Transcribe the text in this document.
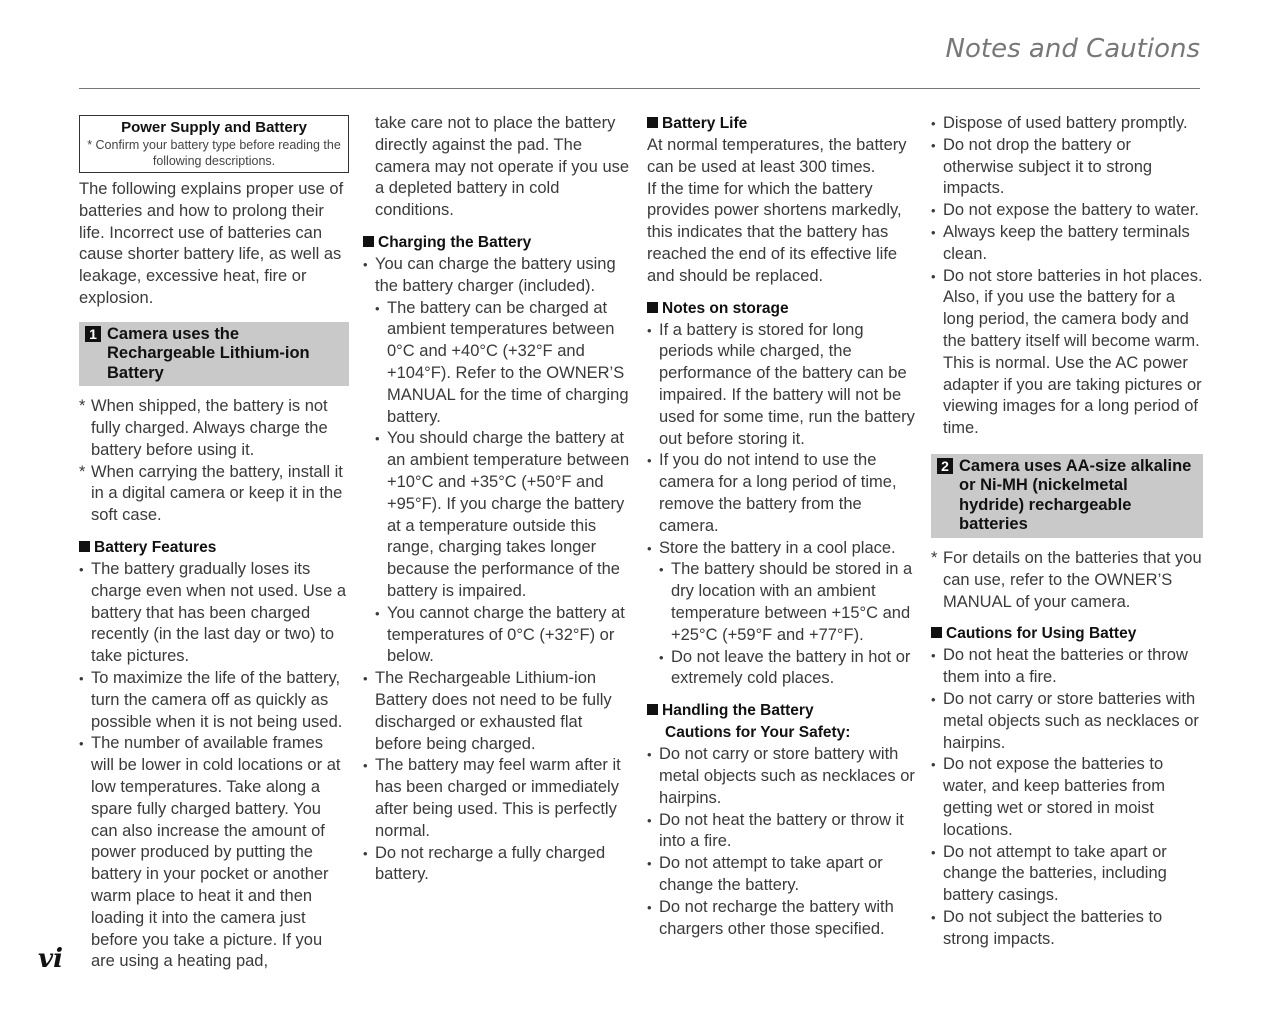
Notes and Cautions
Power Supply and Battery
* Confirm your battery type before reading the following descriptions.

The following explains proper use of batteries and how to prolong their life. Incorrect use of batteries can cause shorter battery life, as well as leakage, excessive heat, fire or explosion.

1 Camera uses the Rechargeable Lithium-ion Battery

* When shipped, the battery is not fully charged. Always charge the battery before using it.

* When carrying the battery, install it in a digital camera or keep it in the soft case.

Battery Features
• The battery gradually loses its charge even when not used. Use a battery that has been charged recently (in the last day or two) to take pictures.
• To maximize the life of the battery, turn the camera off as quickly as possible when it is not being used.
• The number of available frames will be lower in cold locations or at low temperatures. Take along a spare fully charged battery. You can also increase the amount of power produced by putting the battery in your pocket or another warm place to heat it and then loading it into the camera just before you take a picture. If you are using a heating pad,

take care not to place the battery directly against the pad. The camera may not operate if you use a depleted battery in cold conditions.

Charging the Battery
• You can charge the battery using the battery charger (included).
• The battery can be charged at ambient temperatures between 0°C and +40°C (+32°F and +104°F). Refer to the OWNER’S MANUAL for the time of charging battery.
• You should charge the battery at an ambient temperature between +10°C and +35°C (+50°F and +95°F). If you charge the battery at a temperature outside this range, charging takes longer because the performance of the battery is impaired.
• You cannot charge the battery at temperatures of 0°C (+32°F) or below.
• The Rechargeable Lithium-ion Battery does not need to be fully discharged or exhausted flat before being charged.
• The battery may feel warm after it has been charged or immediately after being used. This is perfectly normal.
• Do not recharge a fully charged battery.
Battery Life

At normal temperatures, the battery can be used at least 300 times.

If the time for which the battery provides power shortens markedly, this indicates that the battery has reached the end of its effective life and should be replaced.

Notes on storage
• If a battery is stored for long periods while charged, the performance of the battery can be impaired. If the battery will not be used for some time, run the battery out before storing it.
• If you do not intend to use the camera for a long period of time, remove the battery from the camera.
• Store the battery in a cool place.
• The battery should be stored in a dry location with an ambient temperature between +15°C and +25°C (+59°F and +77°F).
• Do not leave the battery in hot or extremely cold places.
Handling the Battery
Cautions for Your Safety:
• Do not carry or store battery with metal objects such as necklaces or hairpins.
• Do not heat the battery or throw it into a fire.
• Do not attempt to take apart or change the battery.
• Do not recharge the battery with chargers other those specified.
• Dispose of used battery promptly.
• Do not drop the battery or otherwise subject it to strong impacts.
• Do not expose the battery to water.
• Always keep the battery terminals clean.
• Do not store batteries in hot places. Also, if you use the battery for a long period, the camera body and the battery itself will become warm. This is normal. Use the AC power adapter if you are taking pictures or viewing images for a long period of time.
2 Camera uses AA-size alkaline or Ni-MH (nickelmetal hydride) rechargeable batteries

* For details on the batteries that you can use, refer to the OWNER’S MANUAL of your camera.

Cautions for Using Battey
• Do not heat the batteries or throw them into a fire.
• Do not carry or store batteries with metal objects such as necklaces or hairpins.
• Do not expose the batteries to water, and keep batteries from getting wet or stored in moist locations.
• Do not attempt to take apart or change the batteries, including battery casings.
• Do not subject the batteries to strong impacts.
vi
